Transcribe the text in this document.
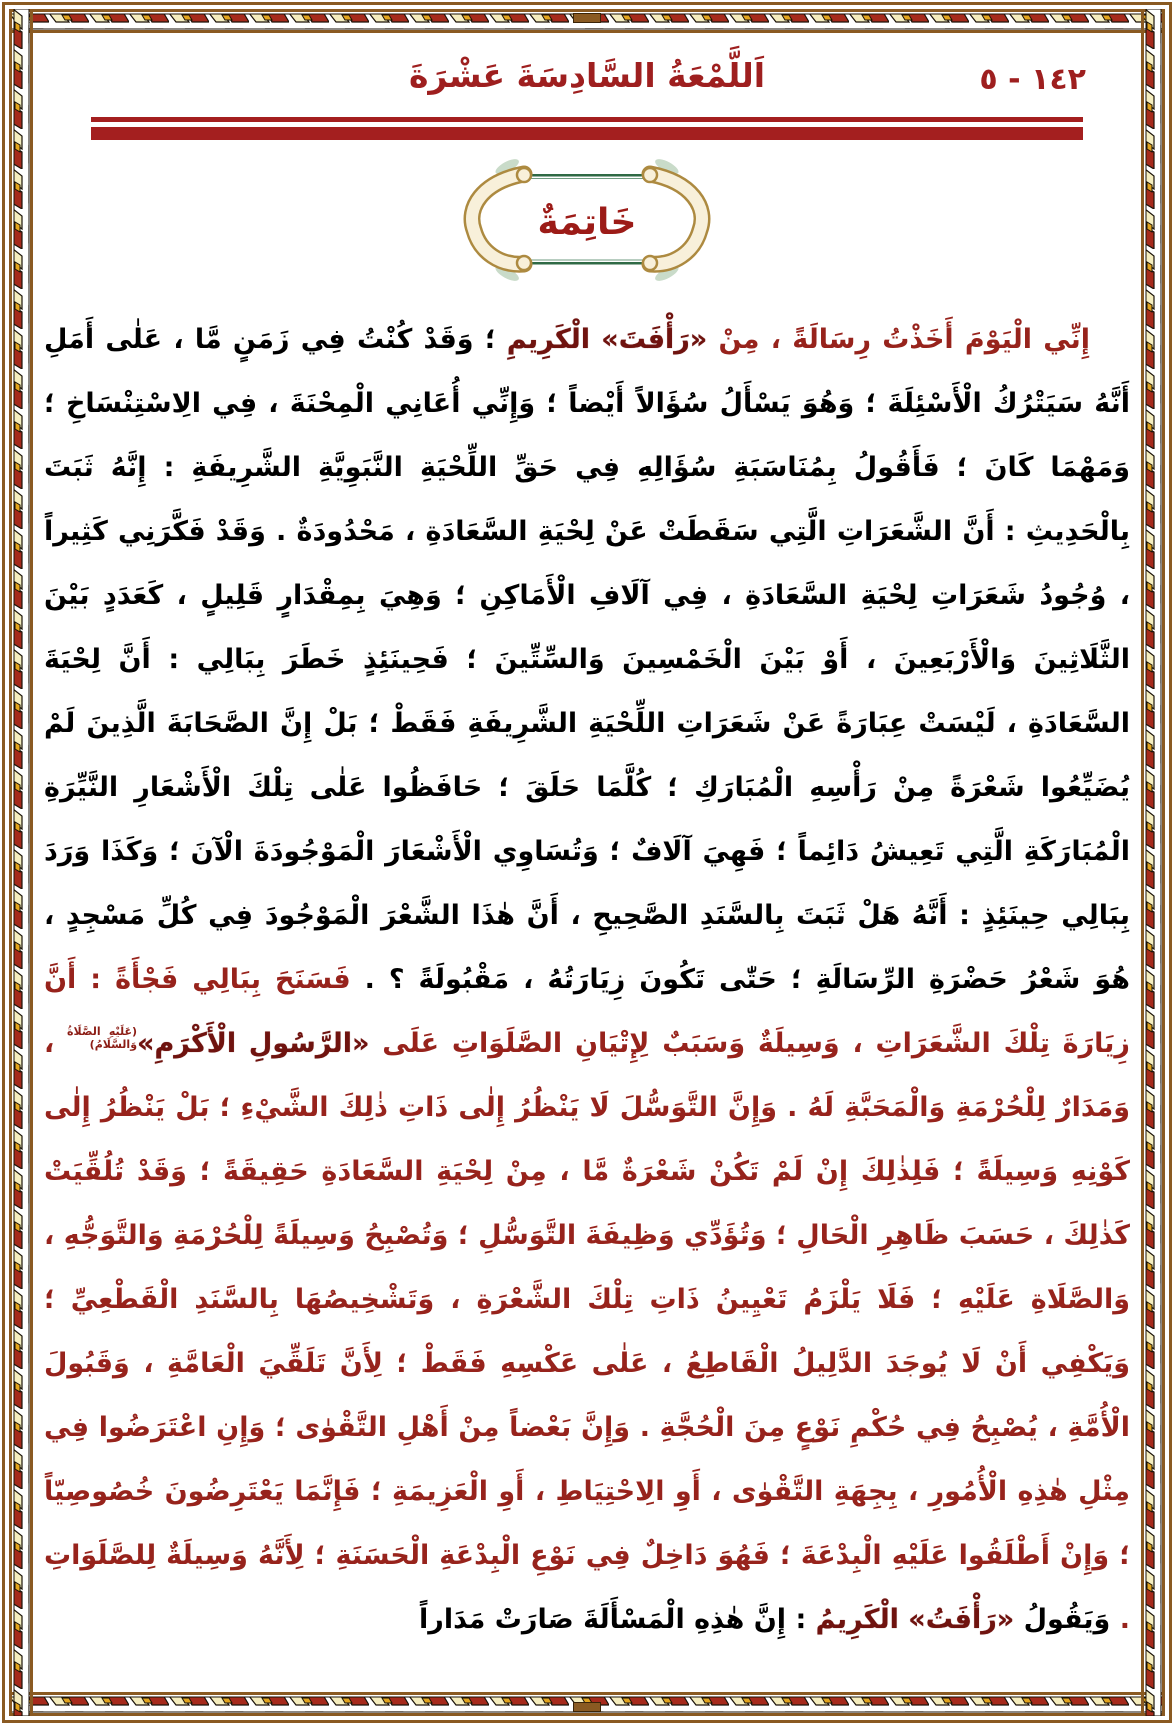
اَللَّمْعَةُ السَّادِسَةَ عَشْرَةَ	١٤٢ - ٥
خَاتِمَةٌ

إِنِّي الْيَوْمَ أَخَذْتُ رِسَالَةً ، مِنْ «رَأْفَتَ» الْكَرِيمِ ؛ وَقَدْ كُنْتُ فِي زَمَنٍ مَّا ، عَلٰى أَمَلِ أَنَّهُ سَيَتْرُكُ الْأَسْئِلَةَ ؛ وَهُوَ يَسْأَلُ سُؤَالاً أَيْضاً ؛ وَإِنِّي أُعَانِي الْمِحْنَةَ ، فِي الِاسْتِنْسَاخِ ؛ وَمَهْمَا كَانَ ؛ فَأَقُولُ بِمُنَاسَبَةِ سُؤَالِهِ فِي حَقِّ اللِّحْيَةِ النَّبَوِيَّةِ الشَّرِيفَةِ : إِنَّهُ ثَبَتَ بِالْحَدِيثِ : أَنَّ الشَّعَرَاتِ الَّتِي سَقَطَتْ عَنْ لِحْيَةِ السَّعَادَةِ ، مَحْدُودَةٌ . وَقَدْ فَكَّرَنِي كَثِيراً ، وُجُودُ شَعَرَاتِ لِحْيَةِ السَّعَادَةِ ، فِي آلَافِ الْأَمَاكِنِ ؛ وَهِيَ بِمِقْدَارٍ قَلِيلٍ ، كَعَدَدٍ بَيْنَ الثَّلَاثِينَ وَالْأَرْبَعِينَ ، أَوْ بَيْنَ الْخَمْسِينَ وَالسِّتِّينَ ؛ فَحِينَئِذٍ خَطَرَ بِبَالِي : أَنَّ لِحْيَةَ السَّعَادَةِ ، لَيْسَتْ عِبَارَةً عَنْ شَعَرَاتِ اللِّحْيَةِ الشَّرِيفَةِ فَقَطْ ؛ بَلْ إِنَّ الصَّحَابَةَ الَّذِينَ لَمْ يُضَيِّعُوا شَعْرَةً مِنْ رَأْسِهِ الْمُبَارَكِ ؛ كُلَّمَا حَلَقَ ؛ حَافَظُوا عَلٰى تِلْكَ الْأَشْعَارِ النَّيِّرَةِ الْمُبَارَكَةِ الَّتِي تَعِيشُ دَائِماً ؛ فَهِيَ آلَافٌ ؛ وَتُسَاوِي الْأَشْعَارَ الْمَوْجُودَةَ الْآنَ ؛ وَكَذَا وَرَدَ بِبَالِي حِينَئِذٍ : أَنَّهُ هَلْ ثَبَتَ بِالسَّنَدِ الصَّحِيحِ ، أَنَّ هٰذَا الشَّعْرَ الْمَوْجُودَ فِي كُلِّ مَسْجِدٍ ، هُوَ شَعْرُ حَضْرَةِ الرِّسَالَةِ ؛ حَتّٰى تَكُونَ زِيَارَتُهُ ، مَقْبُولَةً ؟ . فَسَنَحَ بِبَالِي فَجْأَةً : أَنَّ زِيَارَةَ تِلْكَ الشَّعَرَاتِ ، وَسِيلَةٌ وَسَبَبٌ لِإِتْيَانِ الصَّلَوَاتِ عَلَى «الرَّسُولِ الْأَكْرَمِ»(عَلَيْهِ الصَّلَاةُ وَالسَّلَامُ) ، وَمَدَارٌ لِلْحُرْمَةِ وَالْمَحَبَّةِ لَهُ . وَإِنَّ التَّوَسُّلَ لَا يَنْظُرُ إِلٰى ذَاتِ ذٰلِكَ الشَّيْءِ ؛ بَلْ يَنْظُرُ إِلٰى كَوْنِهِ وَسِيلَةً ؛ فَلِذٰلِكَ إِنْ لَمْ تَكُنْ شَعْرَةٌ مَّا ، مِنْ لِحْيَةِ السَّعَادَةِ حَقِيقَةً ؛ وَقَدْ تُلُقِّيَتْ كَذٰلِكَ ، حَسَبَ ظَاهِرِ الْحَالِ ؛ وَتُؤَدِّي وَظِيفَةَ التَّوَسُّلِ ؛ وَتُصْبِحُ وَسِيلَةً لِلْحُرْمَةِ وَالتَّوَجُّهِ ، وَالصَّلَاةِ عَلَيْهِ ؛ فَلَا يَلْزَمُ تَعْيِينُ ذَاتِ تِلْكَ الشَّعْرَةِ ، وَتَشْخِيصُهَا بِالسَّنَدِ الْقَطْعِيِّ ؛ وَيَكْفِي أَنْ لَا يُوجَدَ الدَّلِيلُ الْقَاطِعُ ، عَلٰى عَكْسِهِ فَقَطْ ؛ لِأَنَّ تَلَقِّيَ الْعَامَّةِ ، وَقَبُولَ الْأُمَّةِ ، يُصْبِحُ فِي حُكْمِ نَوْعٍ مِنَ الْحُجَّةِ . وَإِنَّ بَعْضاً مِنْ أَهْلِ التَّقْوٰى ؛ وَإِنِ اعْتَرَضُوا فِي مِثْلِ هٰذِهِ الْأُمُورِ ، بِجِهَةِ التَّقْوٰى ، أَوِ الِاحْتِيَاطِ ، أَوِ الْعَزِيمَةِ ؛ فَإِنَّمَا يَعْتَرِضُونَ خُصُوصِيّاً ؛ وَإِنْ أَطْلَقُوا عَلَيْهِ الْبِدْعَةَ ؛ فَهُوَ دَاخِلٌ فِي نَوْعِ الْبِدْعَةِ الْحَسَنَةِ ؛ لِأَنَّهُ وَسِيلَةٌ لِلصَّلَوَاتِ . وَيَقُولُ «رَأْفَتُ» الْكَرِيمُ : إِنَّ هٰذِهِ الْمَسْأَلَةَ صَارَتْ مَدَاراً
